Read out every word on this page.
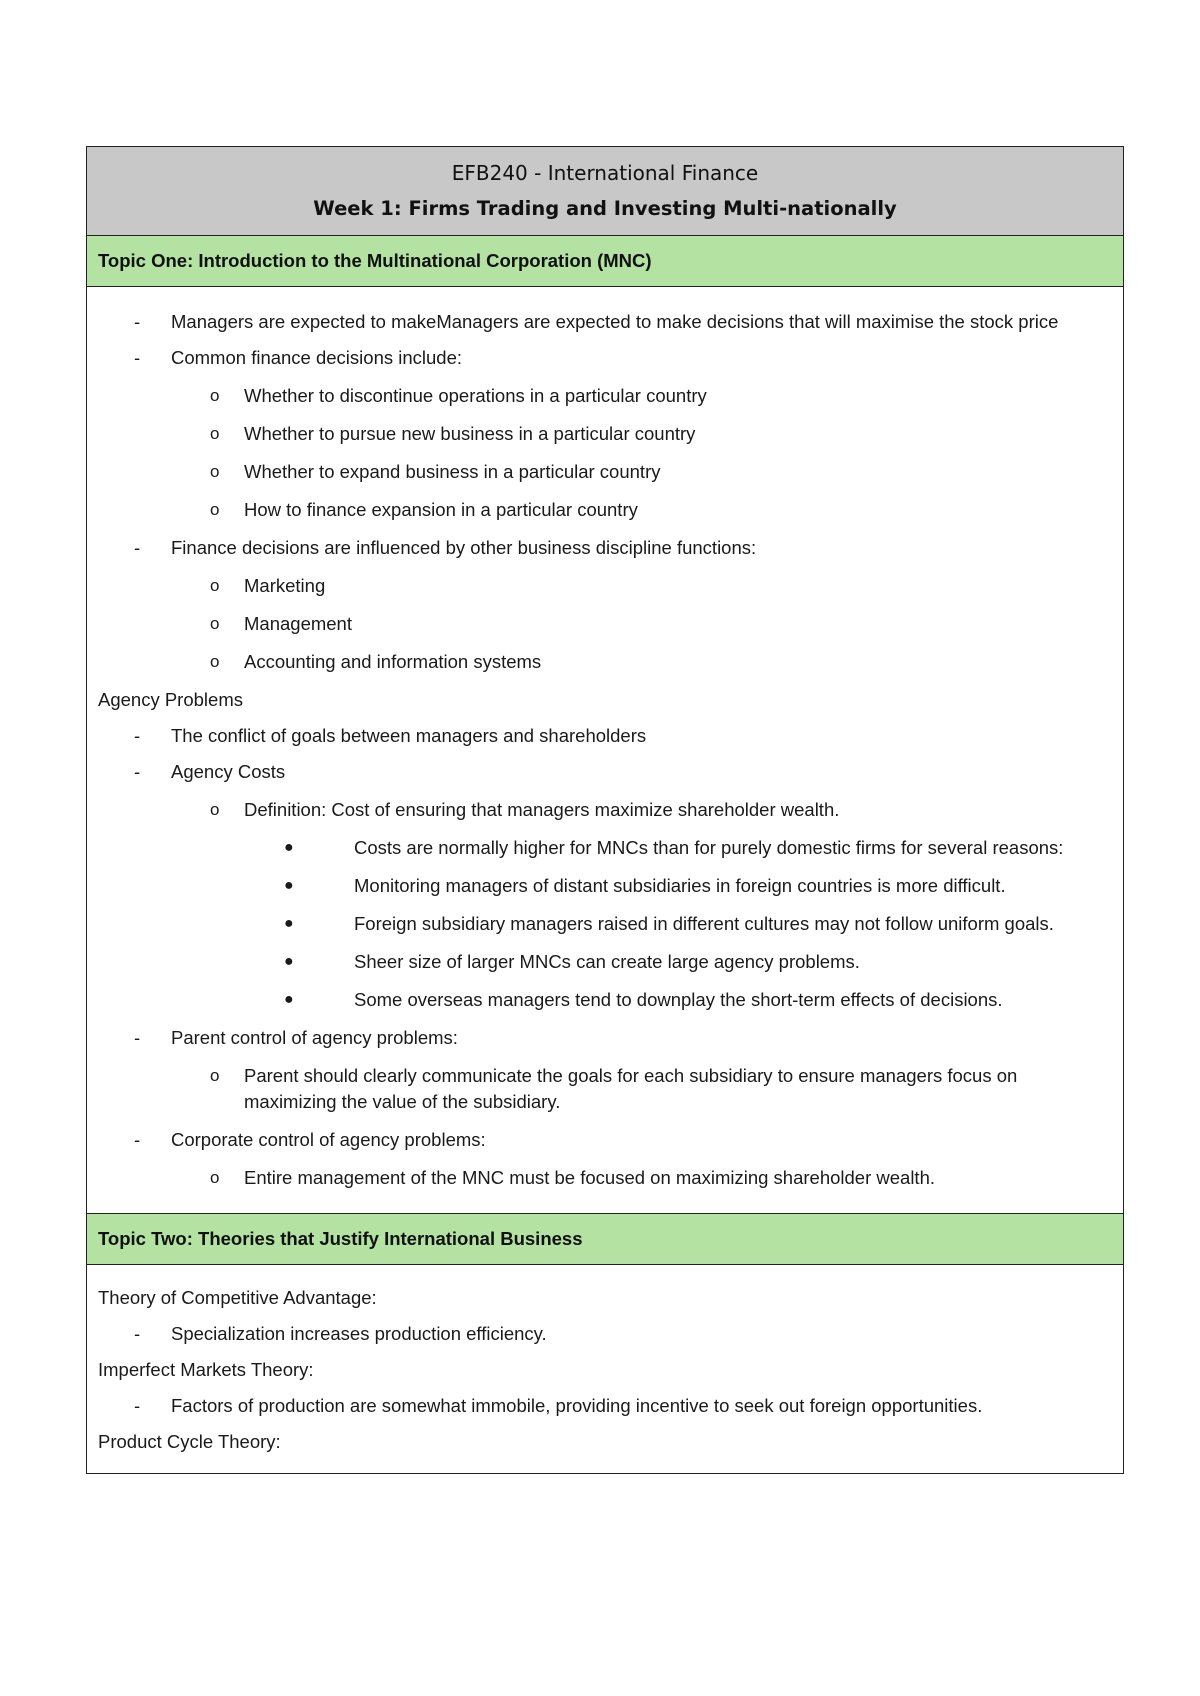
EFB240 - International Finance
Week 1: Firms Trading and Investing Multi-nationally
Topic One: Introduction to the Multinational Corporation (MNC)
- Managers are expected to makeManagers are expected to make decisions that will maximise the stock price
- Common finance decisions include:
o Whether to discontinue operations in a particular country
o Whether to pursue new business in a particular country
o Whether to expand business in a particular country
o How to finance expansion in a particular country
- Finance decisions are influenced by other business discipline functions:
o Marketing
o Management
o Accounting and information systems
Agency Problems
- The conflict of goals between managers and shareholders
- Agency Costs
o Definition: Cost of ensuring that managers maximize shareholder wealth.
●	Costs are normally higher for MNCs than for purely domestic firms for several reasons:
●	Monitoring managers of distant subsidiaries in foreign countries is more difficult.
●	Foreign subsidiary managers raised in different cultures may not follow uniform goals.
●	Sheer size of larger MNCs can create large agency problems.
●	Some overseas managers tend to downplay the short-term effects of decisions.
- Parent control of agency problems:
o Parent should clearly communicate the goals for each subsidiary to ensure managers focus on maximizing the value of the subsidiary.
- Corporate control of agency problems:
o Entire management of the MNC must be focused on maximizing shareholder wealth.
Topic Two: Theories that Justify International Business
Theory of Competitive Advantage:
- Specialization increases production efficiency.
Imperfect Markets Theory:
- Factors of production are somewhat immobile, providing incentive to seek out foreign opportunities.
Product Cycle Theory:
